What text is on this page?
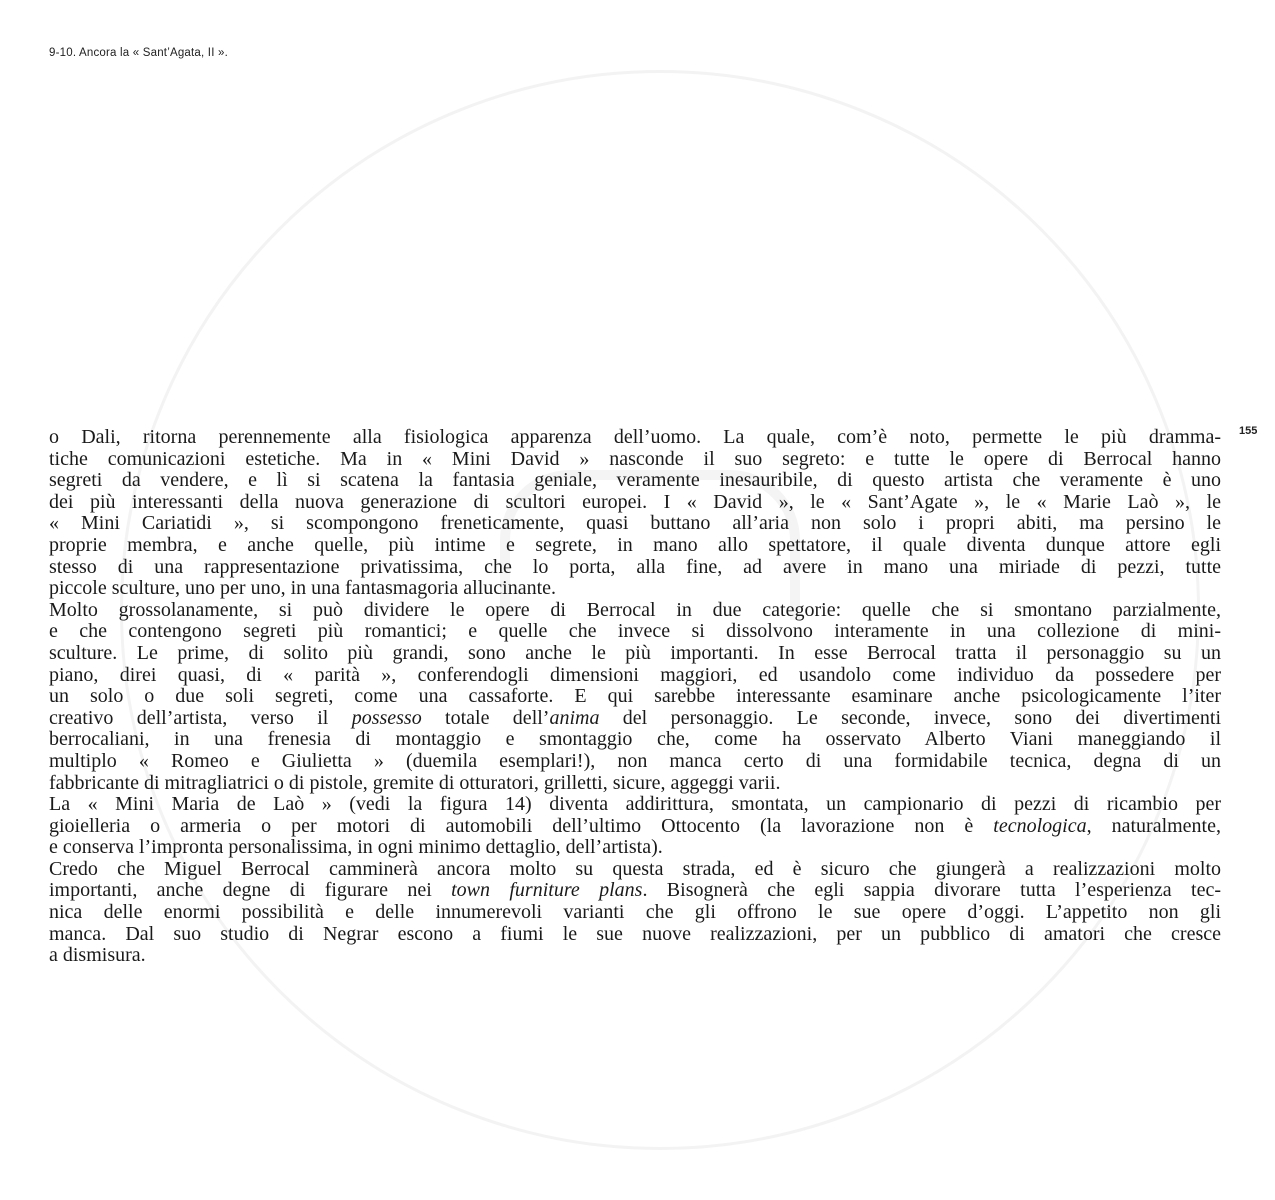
9-10. Ancora la « Sant’Agata, II ».
155

o Dali, ritorna perennemente alla fisiologica apparenza dell’uomo. La quale, com’è noto, permette le più dramma-
tiche comunicazioni estetiche. Ma in « Mini David » nasconde il suo segreto: e tutte le opere di Berrocal hanno
segreti da vendere, e lì si scatena la fantasia geniale, veramente inesauribile, di questo artista che veramente è uno
dei più interessanti della nuova generazione di scultori europei. I « David », le « Sant’Agate », le « Marie Laò », le
« Mini Cariatidi », si scompongono freneticamente, quasi buttano all’aria non solo i propri abiti, ma persino le
proprie membra, e anche quelle, più intime e segrete, in mano allo spettatore, il quale diventa dunque attore egli
stesso di una rappresentazione privatissima, che lo porta, alla fine, ad avere in mano una miriade di pezzi, tutte
piccole sculture, uno per uno, in una fantasmagoria allucinante.

Molto grossolanamente, si può dividere le opere di Berrocal in due categorie: quelle che si smontano parzialmente,
e che contengono segreti più romantici; e quelle che invece si dissolvono interamente in una collezione di mini-
sculture. Le prime, di solito più grandi, sono anche le più importanti. In esse Berrocal tratta il personaggio su un
piano, direi quasi, di « parità », conferendogli dimensioni maggiori, ed usandolo come individuo da possedere per
un solo o due soli segreti, come una cassaforte. E qui sarebbe interessante esaminare anche psicologicamente l’iter
creativo dell’artista, verso il possesso totale dell’anima del personaggio. Le seconde, invece, sono dei divertimenti
berrocaliani, in una frenesia di montaggio e smontaggio che, come ha osservato Alberto Viani maneggiando il
multiplo « Romeo e Giulietta » (duemila esemplari!), non manca certo di una formidabile tecnica, degna di un
fabbricante di mitragliatrici o di pistole, gremite di otturatori, grilletti, sicure, aggeggi varii.

La « Mini Maria de Laò » (vedi la figura 14) diventa addirittura, smontata, un campionario di pezzi di ricambio per
gioielleria o armeria o per motori di automobili dell’ultimo Ottocento (la lavorazione non è tecnologica, naturalmente,
e conserva l’impronta personalissima, in ogni minimo dettaglio, dell’artista).

Credo che Miguel Berrocal camminerà ancora molto su questa strada, ed è sicuro che giungerà a realizzazioni molto
importanti, anche degne di figurare nei town furniture plans. Bisognerà che egli sappia divorare tutta l’esperienza tec-
nica delle enormi possibilità e delle innumerevoli varianti che gli offrono le sue opere d’oggi. L’appetito non gli
manca. Dal suo studio di Negrar escono a fiumi le sue nuove realizzazioni, per un pubblico di amatori che cresce
a dismisura.
